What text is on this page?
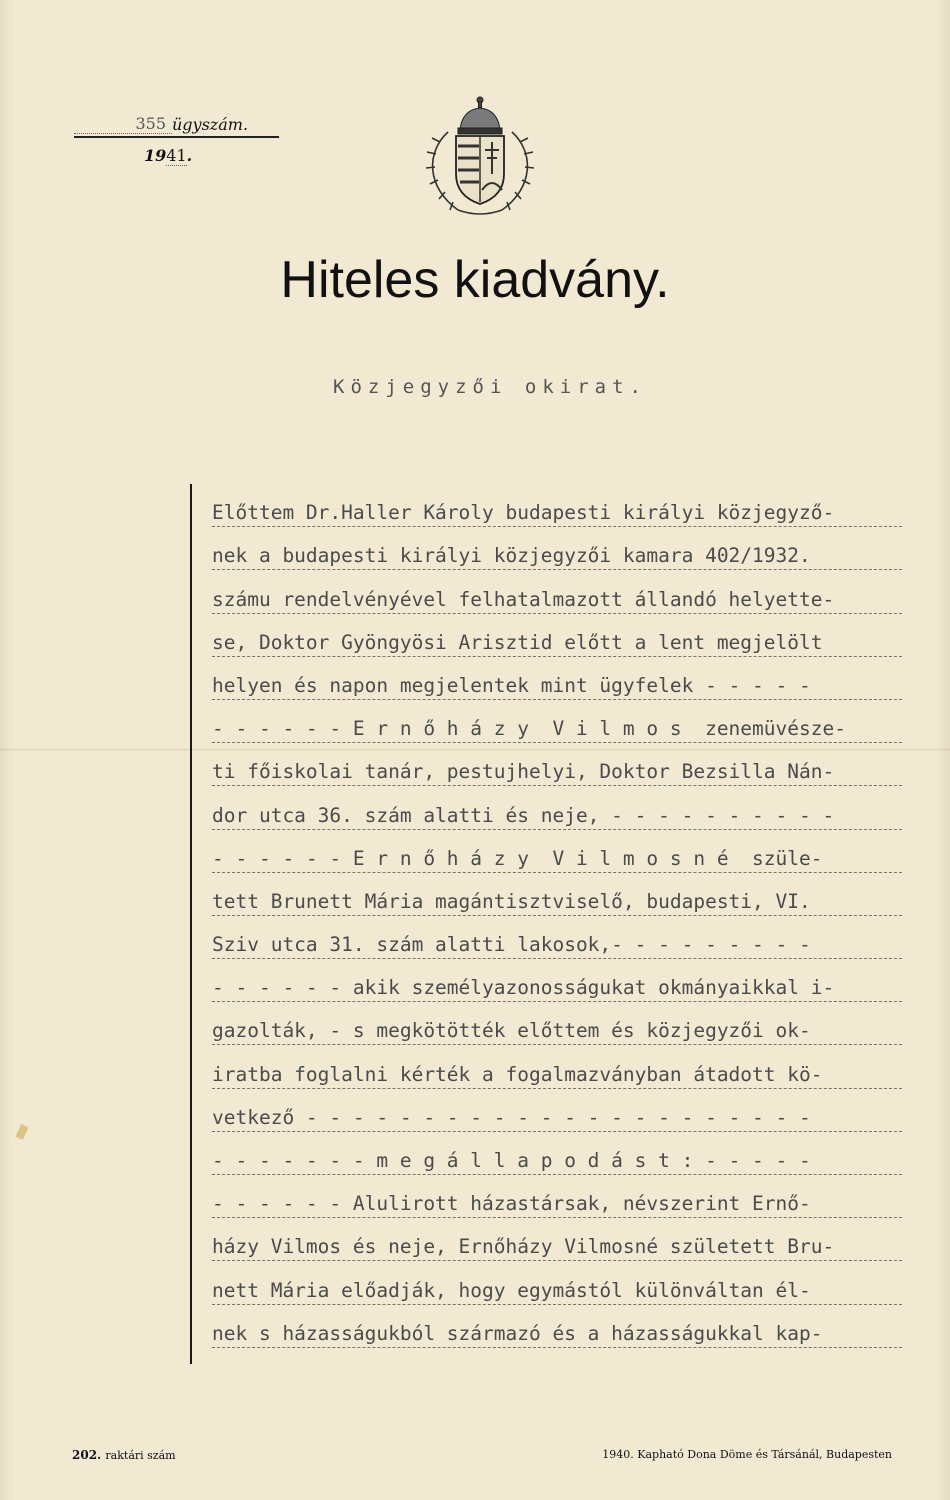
355 ügyszám.
1941.
Hiteles kiadvány.
Közjegyzői okirat.
Előttem Dr.Haller Károly budapesti királyi közjegyző-
nek a budapesti királyi közjegyzői kamara 402/1932.
számu rendelvényével felhatalmazott állandó helyette-
se, Doktor Gyöngyösi Arisztid előtt a lent megjelölt
helyen és napon megjelentek mint ügyfelek - - - - -
- - - - - - E r n ő h á z y  V i l m o s  zenemüvésze-
ti főiskolai tanár, pestujhelyi, Doktor Bezsilla Nán-
dor utca 36. szám alatti és neje, - - - - - - - - - -
- - - - - - E r n ő h á z y  V i l m o s n é  szüle-
tett Brunett Mária magántisztviselő, budapesti, VI.
Sziv utca 31. szám alatti lakosok,- - - - - - - - -
- - - - - - akik személyazonosságukat okmányaikkal i-
gazolták, - s megkötötték előttem és közjegyzői ok-
iratba foglalni kérték a fogalmazványban átadott kö-
vetkező - - - - - - - - - - - - - - - - - - - - - -
- - - - - - - m e g á l l a p o d á s t : - - - - -
- - - - - - Alulirott házastársak, névszerint Ernő-
házy Vilmos és neje, Ernőházy Vilmosné született Bru-
nett Mária előadják, hogy egymástól különváltan él-
nek s házasságukból származó és a házasságukkal kap-
202. raktári szám	1940. Kapható Dona Döme és Társánál, Budapesten
